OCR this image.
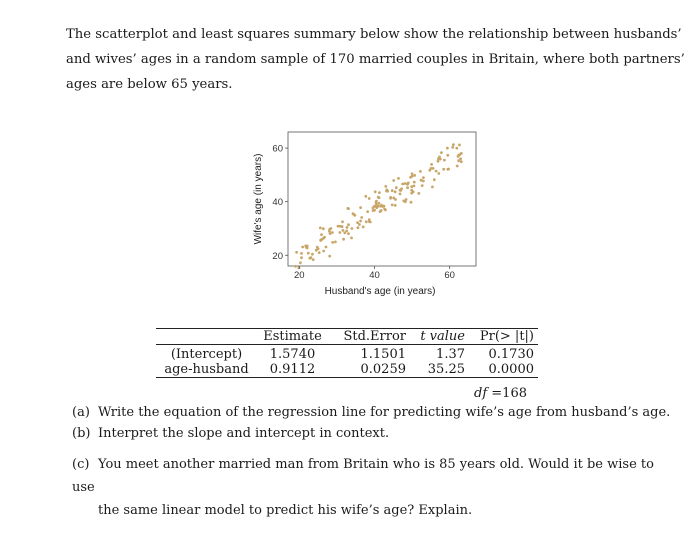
The scatterplot and least squares summary below show the relationship between husbands’
and wives’ ages in a random sample of 170 married couples in Britain, where both partners’
ages are below 65 years.
20	40	60
20
40
60
Husband's age (in years)
Wife's age (in years)
	Estimate	Std.Error	t value	Pr(> |t|)
(Intercept)	1.5740	1.1501	1.37	0.1730
age-husband	0.9112	0.0259	35.25	0.0000
df =168
(a) Write the equation of the regression line for predicting wife’s age from husband’s age.
(b) Interpret the slope and intercept in context.
(c) You meet another married man from Britain who is 85 years old. Would it be wise to use
the same linear model to predict his wife’s age? Explain.
